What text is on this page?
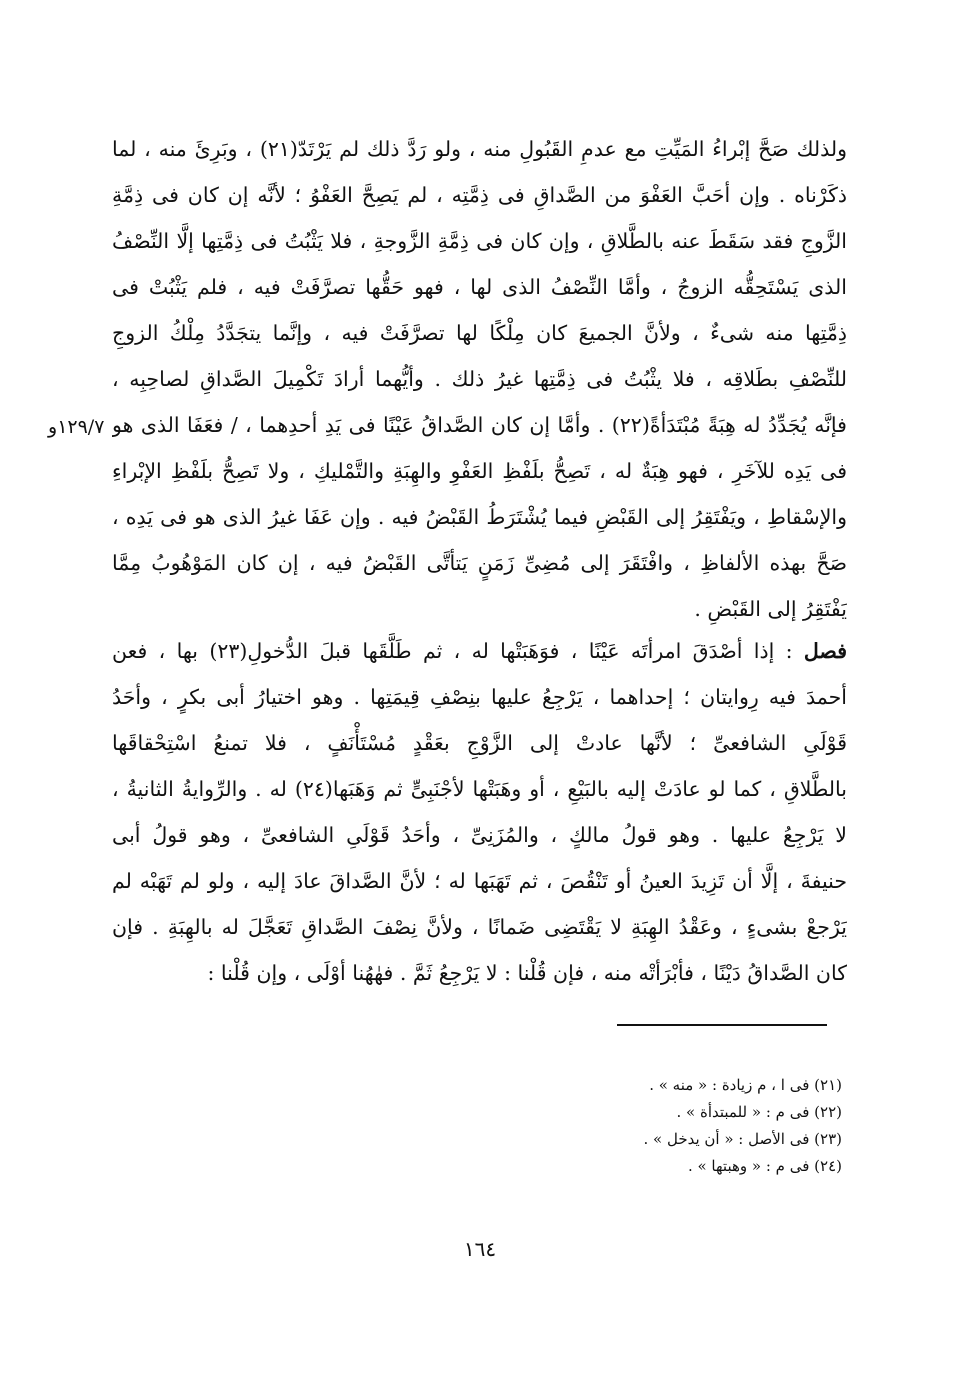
١٢٩/٧و
ولذلك صَحَّ إبْراءُ المَيِّتِ مع عدمِ القَبُولِ منه ، ولو رَدَّ ذلك لم يَرْتَدّ(٢١) ، وبَرِئَ منه ، لما
ذكَرْناه . وإن أحَبَّ العَفْوَ من الصَّداقِ فى ذِمَّتِه ، لم يَصِحَّ العَفْوُ ؛ لأنَّه إن كان فى ذِمَّةِ
الزَّوجِ فقد سَقَطَ عنه بالطَّلاقِ ، وإن كان فى ذِمَّةِ الزَّوجةِ ، فلا يَثْبُتُ فى ذِمَّتِها إلَّا النِّصْفُ
الذى يَسْتَحِقُّه الزوجُ ، وأمَّا النِّصْفُ الذى لها ، فهو حَقُّها تصرَّفَتْ فيه ، فلم يَثْبُتْ فى
ذِمَّتِها منه شىءٌ ، ولأنَّ الجميعَ كان مِلْكًا لها تصرَّفَتْ فيه ، وإنَّما يتجَدَّدُ مِلْكُ الزوجِ
للنِّصْفِ بطَلاقِه ، فلا يثْبُتُ فى ذِمَّتِها غيرُ ذلك . وأيُّهما أرادَ تَكْمِيلَ الصَّداقِ لصاحِبِه ،
فإنَّه يُجَدِّدُ له هِبَةً مُبْتَدَأةً(٢٢) . وأمَّا إن كان الصَّداقُ عَيْنًا فى يَدِ أحدِهما ، / فعَفَا الذى هو
فى يَدِه للآخَرِ ، فهو هِبَةٌ له ، تَصِحُّ بلَفْظِ العَفْوِ والهِبَةِ والتَّمْليكِ ، ولا تَصِحُّ بلَفْظِ الإبْراءِ
والإسْقاطِ ، ويَفْتَقِرُ إلى القَبْضِ فيما يُشْتَرَطُ القَبْضُ فيه . وإن عَفَا غيرُ الذى هو فى يَدِه ،
صَحَّ بهذه الألفاظِ ، وافْتَقَرَ إلى مُضِىِّ زَمَنٍ يَتأتَّى القَبْضُ فيه ، إن كان المَوْهُوبُ مِمَّا
يَفْتَقِرُ إلى القَبْضِ .
فصل : إذا أصْدَقَ امرأتَه عَيْنًا ، فوَهَبَتْها له ، ثم طَلَّقَها قبلَ الدُّخولِ(٢٣) بها ، فعن
أحمدَ فيه رِوايتان ؛ إحداهما ، يَرْجِعُ عليها بنِصْفِ قِيمَتِها . وهو اختيارُ أبى بكرٍ ، وأحَدُ
قَوْلَىِ الشافعىِّ ؛ لأنَّها عادتْ إلى الزَّوْجِ بعَقْدٍ مُسْتَأْنَفٍ ، فلا تمنعُ اسْتِحْقاقَها
بالطَّلاقِ ، كما لو عادَتْ إليه بالبَيْعِ ، أو وهَبَتْها لأجْنَبِىٍّ ثم وَهَبَها(٢٤) له . والرِّوايةُ الثانيةُ ،
لا يَرْجِعُ عليها . وهو قولُ مالكٍ ، والمُزَنِىِّ ، وأحَدُ قَوْلَىِ الشافعىِّ ، وهو قولُ أبى
حنيفةَ ، إلَّا أن تَزِيدَ العينُ أو تَنْقُصَ ، ثم تَهَبَها له ؛ لأنَّ الصَّداقَ عادَ إليه ، ولو لم تَهَبْه لم
يَرْجعْ بشىءٍ ، وعَقْدُ الهِبَةِ لا يَقْتَضِى ضَمانًا ، ولأنَّ نِصْفَ الصَّداقِ تَعَجَّلَ له بالهِبَةِ . فإن
كان الصَّداقُ دَيْنًا ، فأبْرَأتْه منه ، فإن قُلْنا : لا يَرْجِعُ ثَمَّ . فهٰهُنا أوْلَى ، وإن قُلْنا :
(٢١) فى ا ، م زيادة : « منه » .
(٢٢) فى م : « للمبتدأة » .
(٢٣) فى الأصل : « أن يدخل » .
(٢٤) فى م : « وهبتها » .
١٦٤
